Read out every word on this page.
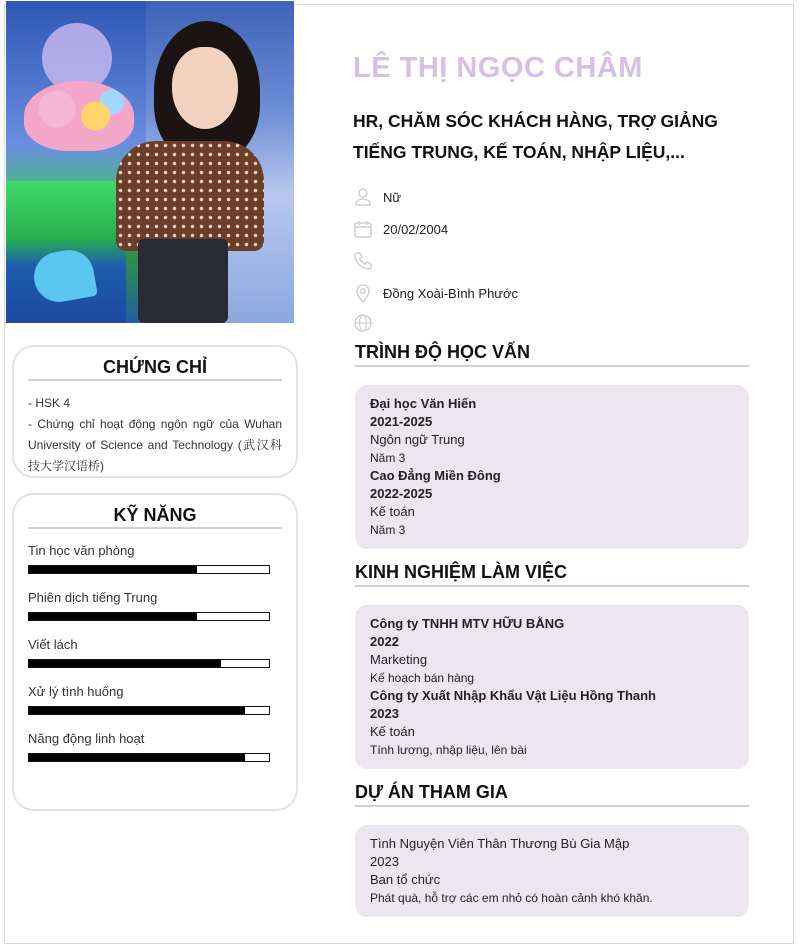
LÊ THỊ NGỌC CHÂM
HR, CHĂM SÓC KHÁCH HÀNG, TRỢ GIẢNG TIẾNG TRUNG, KẾ TOÁN, NHẬP LIỆU,...
Nữ
20/02/2004
Đồng Xoài-Bình Phước
CHỨNG CHỈ
- HSK 4
- Chứng chỉ hoạt động ngôn ngữ của Wuhan University of Science and Technology (武汉科技大学汉语桥)
KỸ NĂNG
Tin học văn phòng
Phiên dịch tiếng Trung
Viết lách
Xử lý tình huống
Năng động linh hoạt
TRÌNH ĐỘ HỌC VẤN
Đại học Văn Hiến
2021-2025
Ngôn ngữ Trung
Năm 3
Cao Đẳng Miền Đông
2022-2025
Kế toán
Năm 3
KINH NGHIỆM LÀM VIỆC
Công ty TNHH MTV HỮU BẰNG
2022
Marketing
Kế hoạch bán hàng
Công ty Xuất Nhập Khẩu Vật Liệu Hồng Thanh
2023
Kế toán
Tính lương, nhập liệu, lên bài
DỰ ÁN THAM GIA
Tình Nguyện Viên Thân Thương Bù Gia Mập
2023
Ban tổ chức
Phát quà, hỗ trợ các em nhỏ có hoàn cảnh khó khăn.
